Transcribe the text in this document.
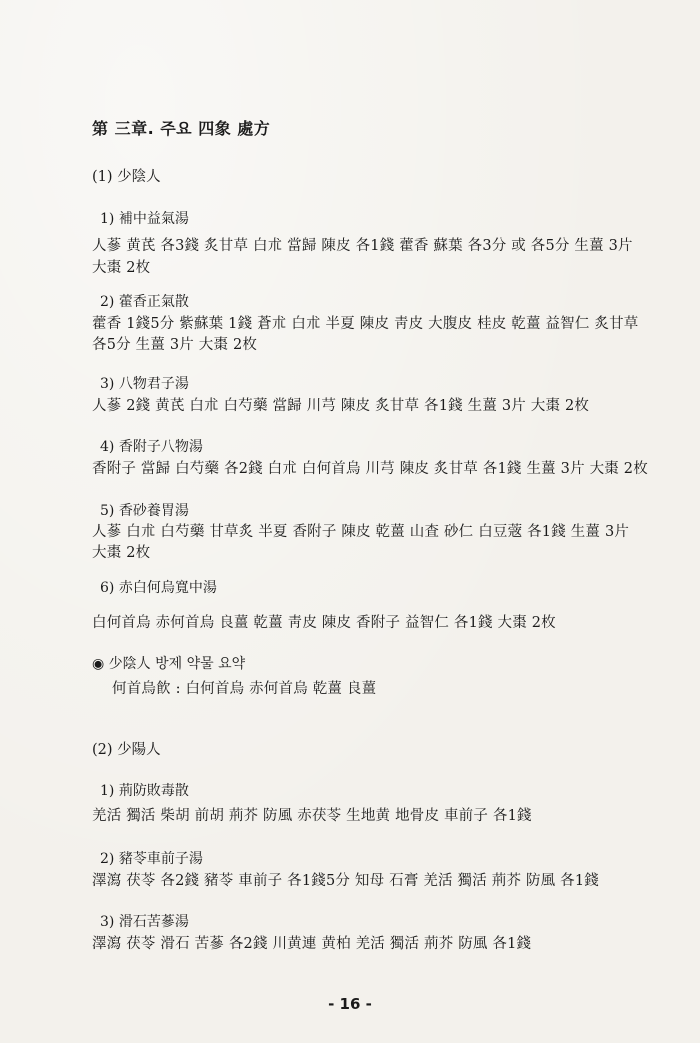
第 三章. 주요 四象 處方
(1) 少陰人
1) 補中益氣湯
人蔘 黄芪 各3錢 炙甘草 白朮 當歸 陳皮 各1錢 藿香 蘇葉 各3分 或 各5分 生薑 3片
大棗 2枚
2) 藿香正氣散
藿香 1錢5分 紫蘇葉 1錢 蒼朮 白朮 半夏 陳皮 靑皮 大腹皮 桂皮 乾薑 益智仁 炙甘草
各5分 生薑 3片 大棗 2枚
3) 八物君子湯
人蔘 2錢 黄芪 白朮 白芍藥 當歸 川芎 陳皮 炙甘草 各1錢 生薑 3片 大棗 2枚
4) 香附子八物湯
香附子 當歸 白芍藥 各2錢 白朮 白何首烏 川芎 陳皮 炙甘草 各1錢 生薑 3片 大棗 2枚
5) 香砂養胃湯
人蔘 白朮 白芍藥 甘草炙 半夏 香附子 陳皮 乾薑 山査 砂仁 白豆蔲 各1錢 生薑 3片
大棗 2枚
6) 赤白何烏寬中湯
白何首烏 赤何首烏 良薑 乾薑 靑皮 陳皮 香附子 益智仁 各1錢 大棗 2枚
◉ 少陰人 방제 약물 요약
何首烏飮 : 白何首烏 赤何首烏 乾薑 良薑
(2) 少陽人
1) 荊防敗毒散
羌活 獨活 柴胡 前胡 荊芥 防風 赤茯苓 生地黄 地骨皮 車前子 各1錢
2) 豬苓車前子湯
澤瀉 茯苓 各2錢 豬苓 車前子 各1錢5分 知母 石膏 羌活 獨活 荊芥 防風 各1錢
3) 滑石苦蔘湯
澤瀉 茯苓 滑石 苦蔘 各2錢 川黄連 黄柏 羌活 獨活 荊芥 防風 各1錢
- 16 -
